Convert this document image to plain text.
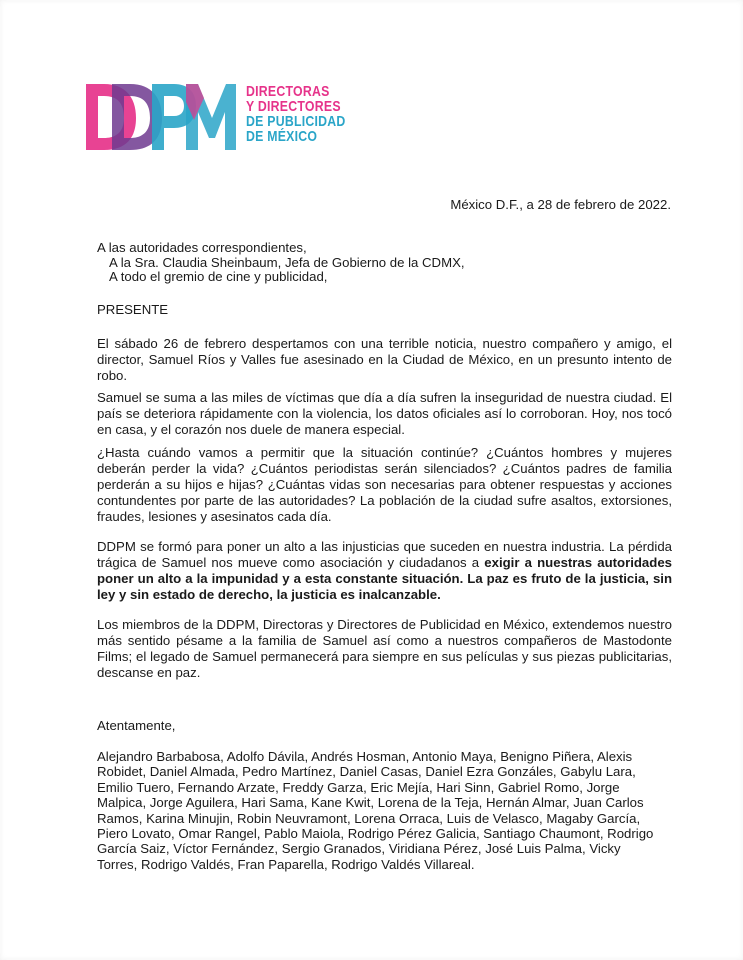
DIRECTORAS
Y DIRECTORES
DE PUBLICIDAD
DE MÉXICO
México D.F., a 28 de febrero de 2022.
A las autoridades correspondientes,
A la Sra. Claudia Sheinbaum, Jefa de Gobierno de la CDMX,
A todo el gremio de cine y publicidad,
PRESENTE
El sábado 26 de febrero despertamos con una terrible noticia, nuestro compañero y amigo, el director, Samuel Ríos y Valles fue asesinado en la Ciudad de México, en un presunto intento de robo.
Samuel se suma a las miles de víctimas que día a día sufren la inseguridad de nuestra ciudad. El país se deteriora rápidamente con la violencia, los datos oficiales así lo corroboran. Hoy, nos tocó en casa, y el corazón nos duele de manera especial.
¿Hasta cuándo vamos a permitir que la situación continúe? ¿Cuántos hombres y mujeres deberán perder la vida? ¿Cuántos periodistas serán silenciados? ¿Cuántos padres de familia perderán a su hijos e hijas? ¿Cuántas vidas son necesarias para obtener respuestas y acciones contundentes por parte de las autoridades? La población de la ciudad sufre asaltos, extorsiones, fraudes, lesiones y asesinatos cada día.
DDPM se formó para poner un alto a las injusticias que suceden en nuestra industria. La pérdida trágica de Samuel nos mueve como asociación y ciudadanos a exigir a nuestras autoridades poner un alto a la impunidad y a esta constante situación. La paz es fruto de la justicia, sin ley y sin estado de derecho, la justicia es inalcanzable.
Los miembros de la DDPM, Directoras y Directores de Publicidad en México, extendemos nuestro más sentido pésame a la familia de Samuel así como a nuestros compañeros de Mastodonte Films; el legado de Samuel permanecerá para siempre en sus películas y sus piezas publicitarias, descanse en paz.
Atentamente,
Alejandro Barbabosa, Adolfo Dávila, Andrés Hosman, Antonio Maya, Benigno Piñera, Alexis
Robidet, Daniel Almada, Pedro Martínez, Daniel Casas, Daniel Ezra Gonzáles, Gabylu Lara,
Emilio Tuero, Fernando Arzate, Freddy Garza, Eric Mejía, Hari Sinn, Gabriel Romo, Jorge
Malpica, Jorge Aguilera, Hari Sama, Kane Kwit, Lorena de la Teja, Hernán Almar, Juan Carlos
Ramos, Karina Minujin, Robin Neuvramont, Lorena Orraca, Luis de Velasco, Magaby García,
Piero Lovato, Omar Rangel, Pablo Maiola, Rodrigo Pérez Galicia, Santiago Chaumont, Rodrigo
García Saiz, Víctor Fernández, Sergio Granados, Viridiana Pérez, José Luis Palma, Vicky
Torres, Rodrigo Valdés, Fran Paparella, Rodrigo Valdés Villareal.
